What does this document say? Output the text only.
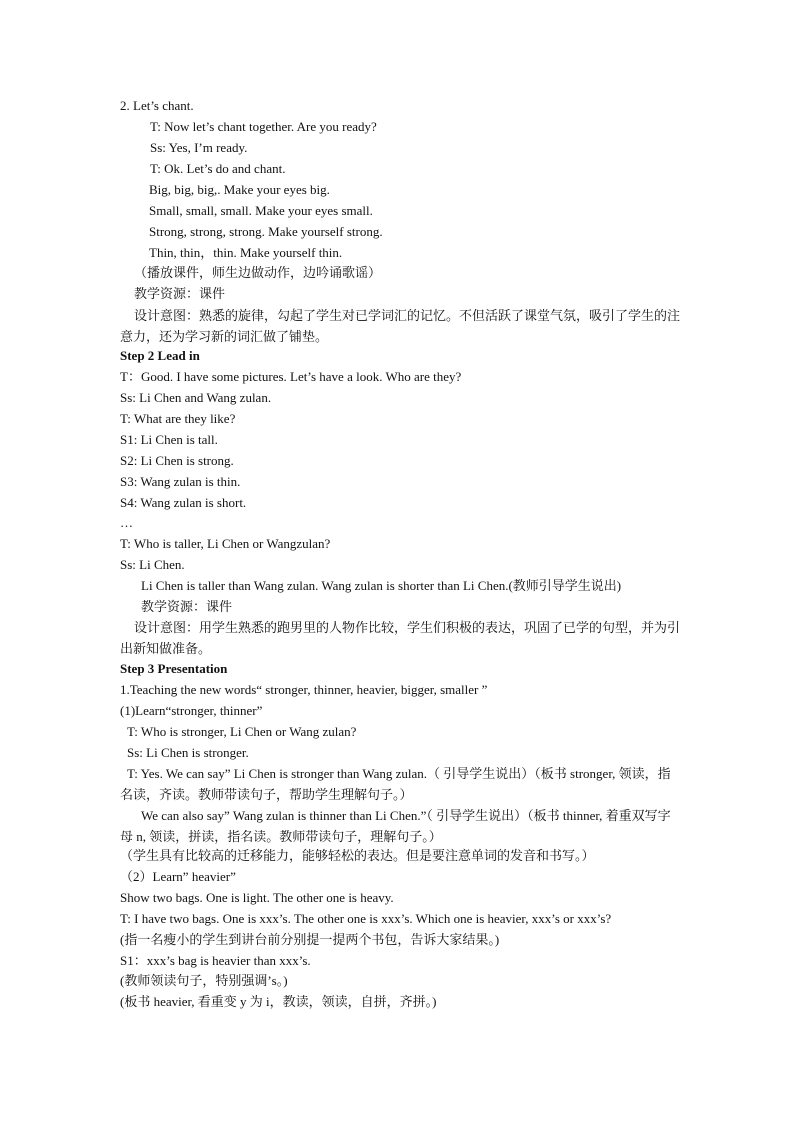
2. Let’s chant.
T: Now let’s chant together. Are you ready?
Ss: Yes, I’m ready.
T: Ok. Let’s do and chant.
Big, big, big,. Make your eyes big.
Small, small, small. Make your eyes small.
Strong, strong, strong. Make yourself strong.
Thin, thin，thin. Make yourself thin.
（播放课件，师生边做动作，边吟诵歌谣）
教学资源：课件
设计意图：熟悉的旋律，勾起了学生对已学词汇的记忆。不但活跃了课堂气氛，吸引了学生的注意力，还为学习新的词汇做了铺垫。
Step 2 Lead in
T：Good. I have some pictures. Let’s have a look. Who are they?
Ss: Li Chen and Wang zulan.
T: What are they like?
S1: Li Chen is tall.
S2: Li Chen is strong.
S3: Wang zulan is thin.
S4: Wang zulan is short.
…
T: Who is taller, Li Chen or Wangzulan?
Ss: Li Chen.
Li Chen is taller than Wang zulan. Wang zulan is shorter than Li Chen.(教师引导学生说出)
教学资源：课件
设计意图：用学生熟悉的跑男里的人物作比较，学生们积极的表达，巩固了已学的句型，并为引出新知做准备。
Step 3 Presentation
1.Teaching the new words“ stronger, thinner, heavier, bigger, smaller ”
(1)Learn“stronger, thinner”
T: Who is stronger, Li Chen or Wang zulan?
Ss: Li Chen is stronger.
T: Yes. We can say” Li Chen is stronger than Wang zulan.（ 引导学生说出）（板书 stronger, 领读，指名读，齐读。教师带读句子，帮助学生理解句子。）
We can also say” Wang zulan is thinner than Li Chen.”（ 引导学生说出）（板书 thinner, 着重双写字母 n, 领读，拼读，指名读。教师带读句子，理解句子。）
（学生具有比较高的迁移能力，能够轻松的表达。但是要注意单词的发音和书写。）
（2）Learn” heavier”
Show two bags. One is light. The other one is heavy.
T: I have two bags. One is xxx’s. The other one is xxx’s. Which one is heavier, xxx’s or xxx’s?
(指一名瘦小的学生到讲台前分别提一提两个书包，告诉大家结果。)
S1：xxx’s bag is heavier than xxx’s.
(教师领读句子，特别强调’s。)
(板书 heavier, 看重变 y 为 i，教读，领读，自拼，齐拼。)
